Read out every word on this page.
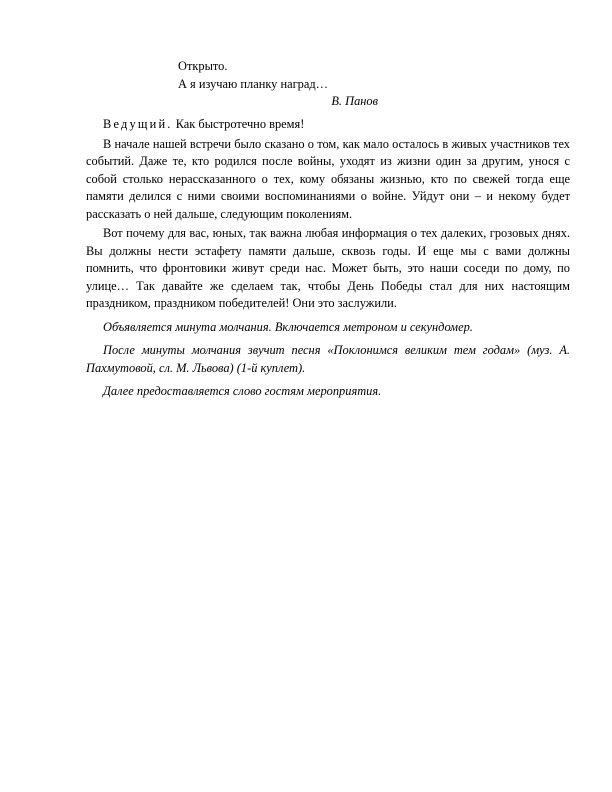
Открыто.
А я изучаю планку наград…
В. Панов

Ведущий. Как быстротечно время!

В начале нашей встречи было сказано о том, как мало осталось в живых участников тех событий. Даже те, кто родился после войны, уходят из жизни один за другим, унося с собой столько нерассказанного о тех, кому обязаны жизнью, кто по свежей тогда еще памяти делился с ними своими воспоминаниями о войне. Уйдут они – и некому будет рассказать о ней дальше, следующим поколениям.

Вот почему для вас, юных, так важна любая информация о тех далеких, грозовых днях. Вы должны нести эстафету памяти дальше, сквозь годы. И еще мы с вами должны помнить, что фронтовики живут среди нас. Может быть, это наши соседи по дому, по улице… Так давайте же сделаем так, чтобы День Победы стал для них настоящим праздником, праздником победителей! Они это заслужили.

Объявляется минута молчания. Включается метроном и секундомер.

После минуты молчания звучит песня «Поклонимся великим тем годам» (муз. А. Пахмутовой, сл. М. Львова) (1-й куплет).

Далее предоставляется слово гостям мероприятия.
